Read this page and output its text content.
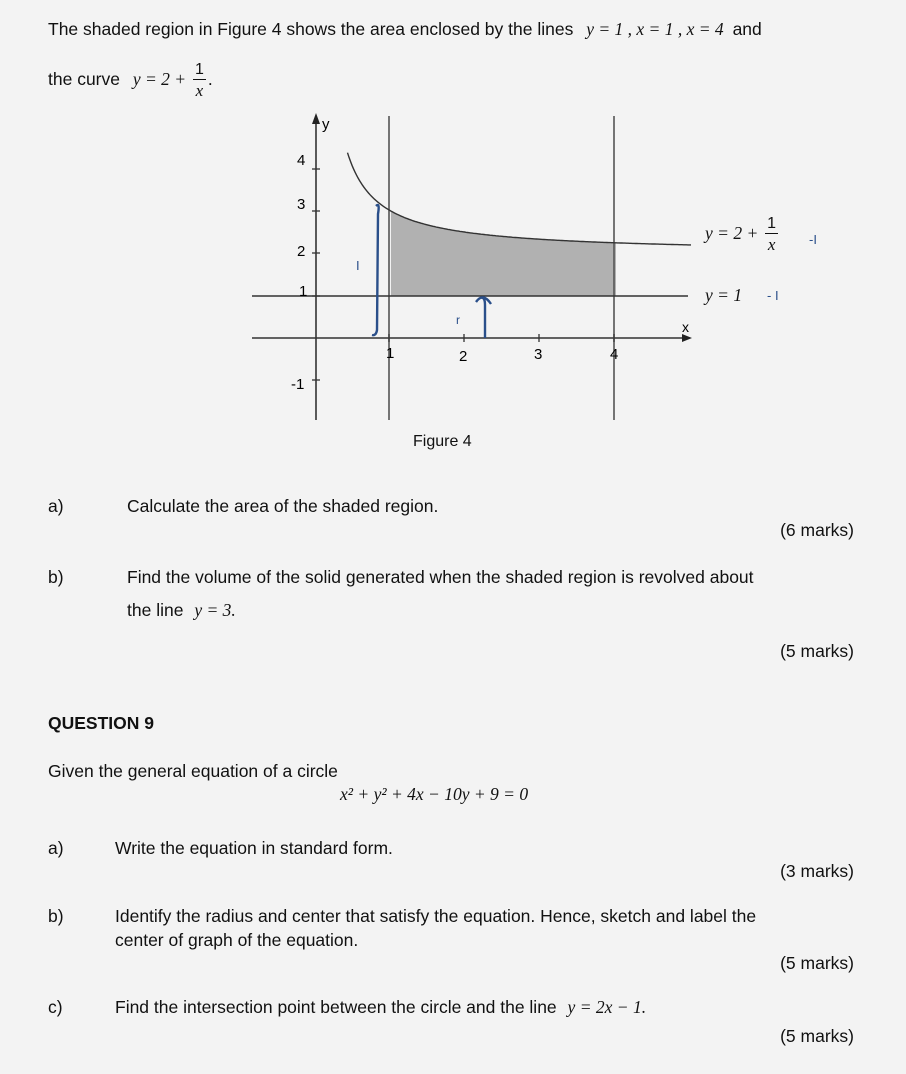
The shaded region in Figure 4 shows the area enclosed by the lines y = 1 , x = 1 , x = 4 and
the curve $y = 2 + \frac{1}{x}$ .
y
x
4
3
2
1
-1
1	2	3	4
I
r
-I
- I
$y = 2 + \frac{1}{x}$
y = 1
Figure 4
a)	Calculate the area of the shaded region.
(6 marks)
b)	Find the volume of the solid generated when the shaded region is revolved about
the line y = 3.
(5 marks)
QUESTION 9
Given the general equation of a circle
x² + y² + 4x − 10y + 9 = 0
a)	Write the equation in standard form.
(3 marks)
b)	Identify the radius and center that satisfy the equation. Hence, sketch and label the
center of graph of the equation.
(5 marks)
c)	Find the intersection point between the circle and the line y = 2x − 1.
(5 marks)
